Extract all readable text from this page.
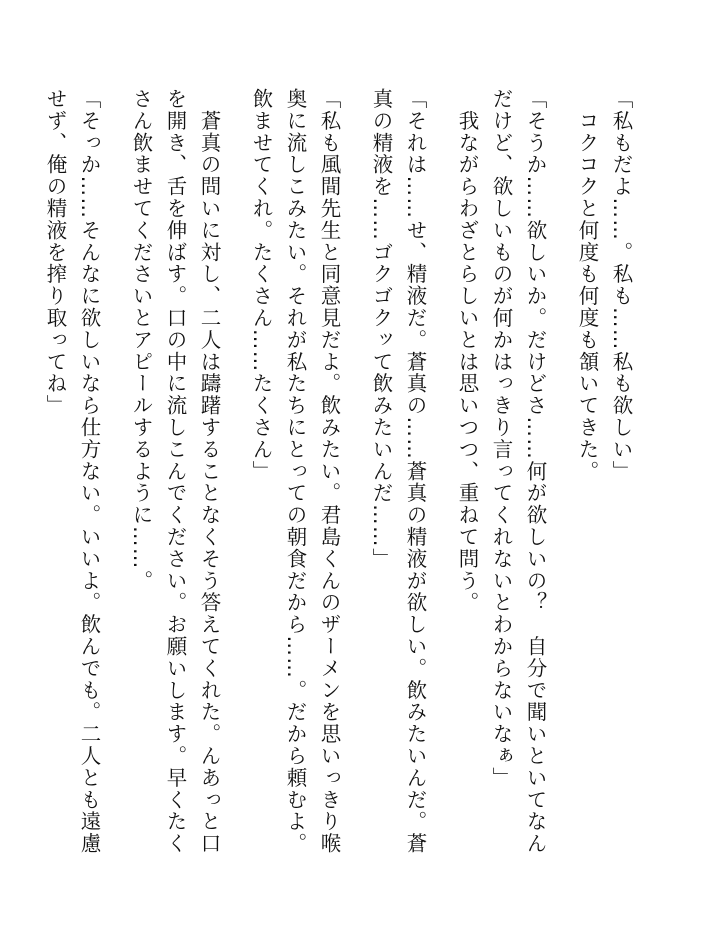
「私もだよ……。私も……私も欲しい」

　コクコクと何度も何度も頷いてきた。

「そうか……欲しいか。だけどさ……何が欲しいの？　自分で聞いといてなんだけど、欲しいものが何かはっきり言ってくれないとわからないなぁ」

　我ながらわざとらしいとは思いつつ、重ねて問う。

「それは……せ、精液だ。蒼真の……蒼真の精液が欲しい。飲みたいんだ。蒼真の精液を……ゴクゴクッて飲みたいんだ……」

「私も風間先生と同意見だよ。飲みたい。君島くんのザーメンを思いっきり喉奥に流しこみたい。それが私たちにとっての朝食だから……。だから頼むよ。飲ませてくれ。たくさん……たくさん」

　蒼真の問いに対し、二人は躊躇することなくそう答えてくれた。んあっと口を開き、舌を伸ばす。口の中に流しこんでください。お願いします。早くたくさん飲ませてくださいとアピールするように……。

「そっか……そんなに欲しいなら仕方ない。いいよ。飲んでも。二人とも遠慮せず、俺の精液を搾り取ってね」
